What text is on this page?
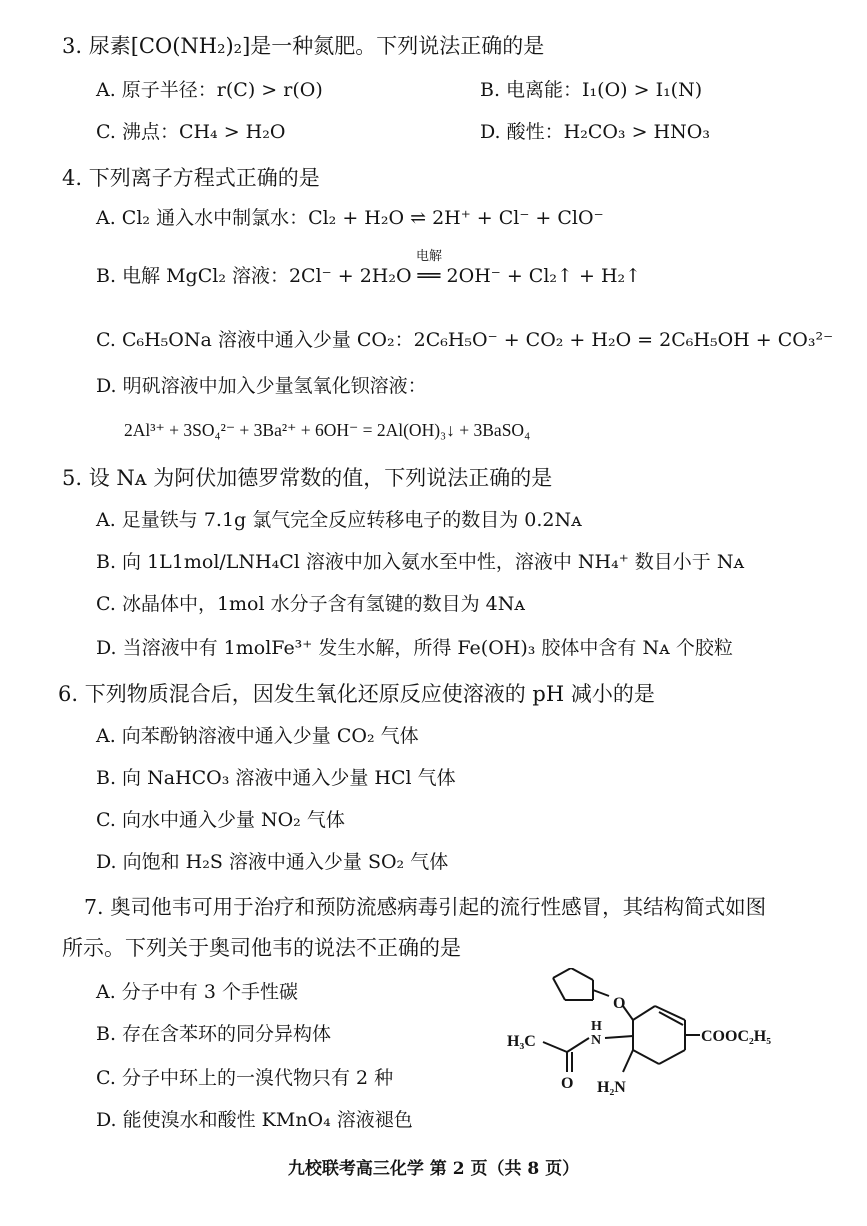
3. 尿素[CO(NH₂)₂]是一种氮肥。下列说法正确的是
A. 原子半径：r(C) > r(O)	B. 电离能：I₁(O) > I₁(N)
C. 沸点：CH₄ > H₂O	D. 酸性：H₂CO₃ > HNO₃
4. 下列离子方程式正确的是
A. Cl₂ 通入水中制氯水：Cl₂ + H₂O ⇌ 2H⁺ + Cl⁻ + ClO⁻
B. 电解 MgCl₂ 溶液：2Cl⁻ + 2H₂O
电解
══ 2OH⁻ + Cl₂↑ + H₂↑
C. C₆H₅ONa 溶液中通入少量 CO₂：2C₆H₅O⁻ + CO₂ + H₂O = 2C₆H₅OH + CO₃²⁻
D. 明矾溶液中加入少量氢氧化钡溶液：
2Al³⁺ + 3SO₄²⁻ + 3Ba²⁺ + 6OH⁻ = 2Al(OH)₃↓ + 3BaSO₄
5. 设 Nᴀ 为阿伏加德罗常数的值，下列说法正确的是
A. 足量铁与 7.1g 氯气完全反应转移电子的数目为 0.2Nᴀ
B. 向 1L1mol/LNH₄Cl 溶液中加入氨水至中性，溶液中 NH₄⁺ 数目小于 Nᴀ
C. 冰晶体中，1mol 水分子含有氢键的数目为 4Nᴀ
D. 当溶液中有 1molFe³⁺ 发生水解，所得 Fe(OH)₃ 胶体中含有 Nᴀ 个胶粒
6. 下列物质混合后，因发生氧化还原反应使溶液的 pH 减小的是
A. 向苯酚钠溶液中通入少量 CO₂ 气体
B. 向 NaHCO₃ 溶液中通入少量 HCl 气体
C. 向水中通入少量 NO₂ 气体
D. 向饱和 H₂S 溶液中通入少量 SO₂ 气体
7. 奥司他韦可用于治疗和预防流感病毒引起的流行性感冒，其结构简式如图
所示。下列关于奥司他韦的说法不正确的是
A. 分子中有 3 个手性碳
B. 存在含苯环的同分异构体
C. 分子中环上的一溴代物只有 2 种
D. 能使溴水和酸性 KMnO₄ 溶液褪色
O
H
N
H₃C
O
COOC₂H₅
H₂N
九校联考高三化学 第 2 页（共 8 页）
